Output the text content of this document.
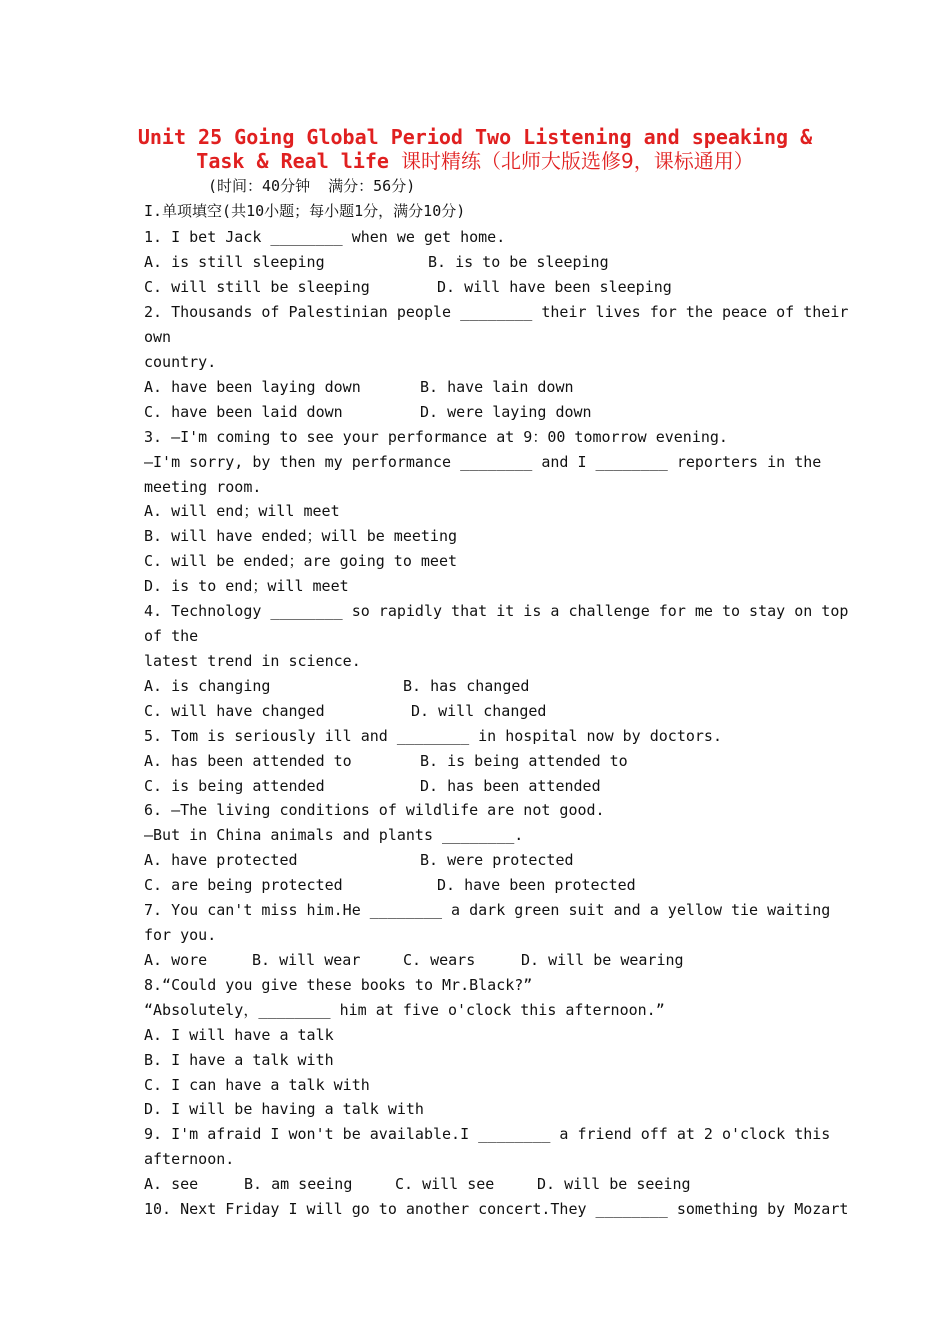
Unit 25 Going Global Period Two Listening and speaking &
Task & Real life 课时精练（北师大版选修9，课标通用）
(时间：40分钟  满分：56分)
I.单项填空(共10小题；每小题1分，满分10分)
1. I bet Jack ________ when we get home.
A. is still sleeping	B. is to be sleeping
C. will still be sleeping	D. will have been sleeping
2. Thousands of Palestinian people ________ their lives for the peace of their
own
country.
A. have been laying down	B. have lain down
C. have been laid down	D. were laying down
3. —I'm coming to see your performance at 9：00 tomorrow evening.
—I'm sorry, by then my performance ________ and I ________ reporters in the
meeting room.
A. will end；will meet
B. will have ended；will be meeting
C. will be ended；are going to meet
D. is to end；will meet
4. Technology ________ so rapidly that it is a challenge for me to stay on top
of the
latest trend in science.
A. is changing	B. has changed
C. will have changed	D. will changed
5. Tom is seriously ill and ________ in hospital now by doctors.
A. has been attended to	B. is being attended to
C. is being attended	D. has been attended
6. —The living conditions of wildlife are not good.
—But in China animals and plants ________.
A. have protected	B. were protected
C. are being protected	D. have been protected
7. You can't miss him.He ________ a dark green suit and a yellow tie waiting
for you.
A. wore	B. will wear	C. wears	D. will be wearing
8.“Could you give these books to Mr.Black?”
“Absolutely，________ him at five o'clock this afternoon.”
A. I will have a talk
B. I have a talk with
C. I can have a talk with
D. I will be having a talk with
9. I'm afraid I won't be available.I ________ a friend off at 2 o'clock this
afternoon.
A. see	B. am seeing	C. will see	D. will be seeing
10. Next Friday I will go to another concert.They ________ something by Mozart
